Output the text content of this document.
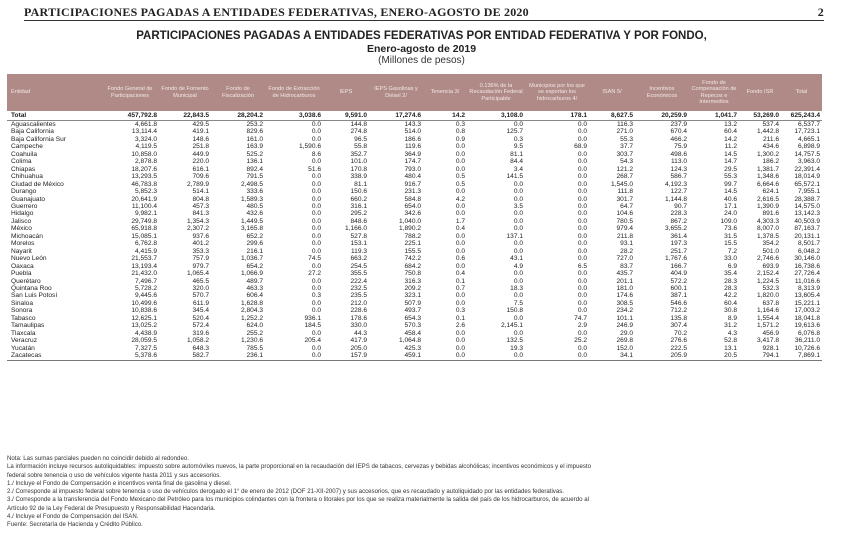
PARTICIPACIONES PAGADAS A ENTIDADES FEDERATIVAS, ENERO-AGOSTO DE 2020	2
PARTICIPACIONES PAGADAS A ENTIDADES FEDERATIVAS POR ENTIDAD FEDERATIVA Y POR FONDO,
Enero-agosto de 2019
(Millones de pesos)
Entidad	Fondo General de Participaciones	Fondo de Fomento Municipal	Fondo de Fiscalización	Fondo de Extracción de Hidrocarburos	IEPS	IEPS Gasolinas y Diésel 2/	Tenencia 3/	0.136% de la Recaudación Federal Participable	Municipios por los que se exportan los hidrocarburos 4/	ISAN 5/	Incentivos Económicos	Fondo de Compensación de Repecos e Intermedios	Fondo ISR	Total
Total	457,792.8	22,843.5	28,204.2	3,038.6	9,591.0	17,274.6	14.2	3,108.0	178.1	8,627.5	20,259.9	1,041.7	53,269.0	625,243.4
Aguascalientes	4,661.8	429.5	253.2	0.0	144.8	143.3	0.3	0.0	0.0	116.3	237.9	13.2	537.4	6,537.7
Baja California	13,114.4	419.1	829.6	0.0	274.8	514.0	0.8	125.7	0.0	271.0	670.4	60.4	1,442.8	17,723.1
Baja California Sur	3,324.0	148.6	161.0	0.0	96.5	186.6	0.9	0.3	0.0	55.3	466.2	14.2	211.6	4,665.1
Campeche	4,119.5	251.8	163.9	1,590.6	55.8	119.6	0.0	9.5	68.9	37.7	75.9	11.2	434.6	6,898.9
Coahuila	10,858.0	449.9	525.2	8.6	352.7	364.9	0.0	81.1	0.0	303.7	498.6	14.5	1,300.2	14,757.5
Colima	2,878.8	220.0	136.1	0.0	101.0	174.7	0.0	84.4	0.0	54.3	113.0	14.7	186.2	3,963.0
Chiapas	18,207.6	616.1	892.4	51.6	170.8	793.0	0.0	3.4	0.0	121.2	124.3	29.5	1,381.7	22,391.4
Chihuahua	13,293.5	709.6	791.5	0.0	338.9	480.4	0.5	141.5	0.0	268.7	586.7	55.3	1,348.6	18,014.9
Ciudad de México	46,783.8	2,789.9	2,498.5	0.0	81.1	916.7	0.5	0.0	0.0	1,545.0	4,192.3	99.7	6,664.6	65,572.1
Durango	5,852.3	514.1	333.6	0.0	150.6	231.3	0.0	0.0	0.0	111.8	122.7	14.5	624.1	7,955.1
Guanajuato	20,641.9	804.8	1,589.3	0.0	660.2	584.8	4.2	0.0	0.0	301.7	1,144.8	40.6	2,616.5	28,388.7
Guerrero	11,100.4	457.3	480.5	0.0	316.1	654.0	0.0	3.5	0.0	64.7	90.7	17.1	1,390.9	14,575.0
Hidalgo	9,982.1	841.3	432.6	0.0	295.2	342.6	0.0	0.0	0.0	104.6	228.3	24.0	891.6	13,142.3
Jalisco	29,749.8	1,354.3	1,449.5	0.0	848.6	1,040.0	1.7	0.0	0.0	780.5	867.2	109.0	4,303.3	40,503.9
México	65,918.8	2,307.2	3,165.8	0.0	1,166.0	1,890.2	0.4	0.0	0.0	979.4	3,655.2	73.6	8,007.0	87,163.7
Michoacán	15,085.1	937.6	652.2	0.0	527.8	788.2	0.0	137.1	0.0	211.8	361.4	31.5	1,378.5	20,131.1
Morelos	6,762.8	401.2	299.6	0.0	153.1	225.1	0.0	0.0	0.0	93.1	197.3	15.5	354.2	8,501.7
Nayarit	4,415.9	353.3	216.1	0.0	119.3	155.5	0.0	0.0	0.0	28.2	251.7	7.2	501.0	6,048.2
Nuevo León	21,553.7	757.9	1,036.7	74.5	663.2	742.2	0.6	43.1	0.0	727.0	1,767.6	33.0	2,746.6	30,146.0
Oaxaca	13,193.4	979.7	654.2	0.0	254.5	684.2	0.0	4.9	6.5	83.7	166.7	6.9	693.9	16,738.6
Puebla	21,432.0	1,065.4	1,066.9	27.2	355.5	750.8	0.4	0.0	0.0	435.7	404.9	35.4	2,152.4	27,726.4
Querétaro	7,496.7	465.5	489.7	0.0	222.4	316.3	0.1	0.0	0.0	201.1	572.2	28.3	1,224.5	11,016.6
Quintana Roo	5,728.2	320.0	463.3	0.0	232.5	209.2	0.7	18.3	0.0	181.0	600.1	28.3	532.3	8,313.9
San Luis Potosí	9,445.6	570.7	606.4	0.3	235.5	323.1	0.0	0.0	0.0	174.6	387.1	42.2	1,820.0	13,605.4
Sinaloa	10,499.6	611.9	1,628.8	0.0	212.0	507.9	0.0	7.5	0.0	308.5	546.6	60.4	637.8	15,221.1
Sonora	10,838.6	345.4	2,804.3	0.0	228.6	493.7	0.3	150.8	0.0	234.2	712.2	30.8	1,164.6	17,003.2
Tabasco	12,625.1	520.4	1,252.2	936.1	178.6	654.3	0.1	0.0	74.7	101.1	135.8	8.9	1,554.4	18,041.8
Tamaulipas	13,025.2	572.4	624.0	184.5	330.0	570.3	2.6	2,145.1	2.9	246.9	307.4	31.2	1,571.2	19,613.6
Tlaxcala	4,438.9	319.6	255.2	0.0	44.3	458.4	0.0	0.0	0.0	29.0	70.2	4.3	456.9	6,076.8
Veracruz	28,059.5	1,058.2	1,230.6	205.4	417.9	1,064.8	0.0	132.5	25.2	269.8	276.6	52.8	3,417.8	36,211.0
Yucatán	7,327.5	648.3	785.5	0.0	205.0	425.3	0.0	19.3	0.0	152.0	222.5	13.1	928.1	10,726.6
Zacatecas	5,378.6	582.7	236.1	0.0	157.9	459.1	0.0	0.0	0.0	34.1	205.9	20.5	794.1	7,869.1
Nota: Las sumas parciales pueden no coincidir debido al redondeo.
La información incluye recursos autoliquidables: impuesto sobre automóviles nuevos, la parte proporcional en la recaudación del IEPS de tabacos, cervezas y bebidas alcohólicas; incentivos económicos y el impuesto
federal sobre tenencia o uso de vehículos vigente hasta 2011 y sus accesorios.
1./ Incluye el Fondo de Compensación e incentivos venta final de gasolina y diesel.
2./ Corresponde al impuesto federal sobre tenencia o uso de vehículos derogado el 1° de enero de 2012 (DOF 21-XII-2007) y sus accesorios, que es recaudado y autoliquidado por las entidades federativas.
3./ Corresponde a la transferencia del Fondo Mexicano del Petróleo para los municipios colindantes con la frontera o litorales por los que se realiza materialmente la salida del país de los hidrocarburos, de acuerdo al
Artículo 92 de la Ley Federal de Presupuesto y Responsabilidad Hacendaria.
4./ Incluye el Fondo de Compensación del ISAN.
Fuente: Secretaría de Hacienda y Crédito Público.
